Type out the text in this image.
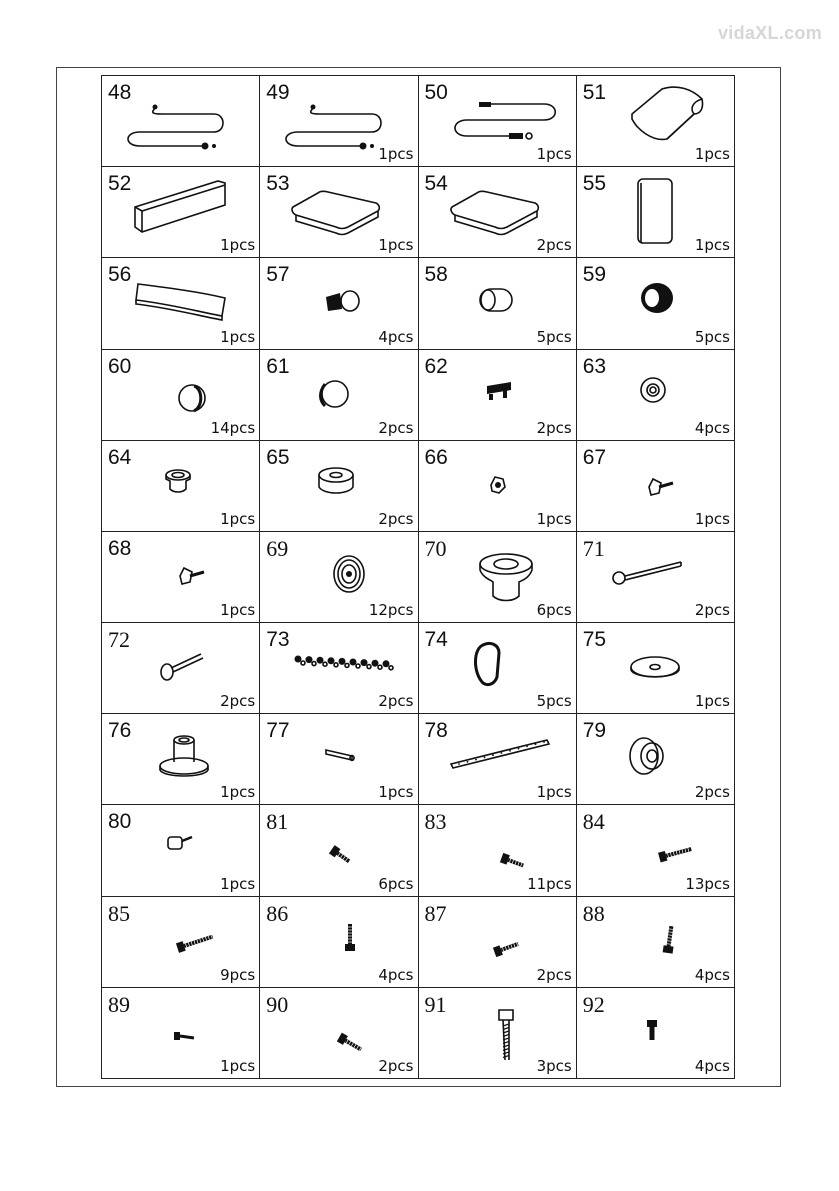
vidaXL.com
48	49
1pcs
50
1pcs
51
1pcs
52
1pcs
53
1pcs
54
2pcs
55
1pcs
56
1pcs
57
4pcs
58
5pcs
59
5pcs
60
14pcs
61
2pcs
62
2pcs
63
4pcs
64
1pcs
65
2pcs
66
1pcs
67
1pcs
68
1pcs
69
12pcs
70
6pcs
71
2pcs
72
2pcs
73
2pcs
74
5pcs
75
1pcs
76
1pcs
77
1pcs
78
1pcs
79
2pcs
80
1pcs
81
6pcs
83
11pcs
84
13pcs
85
9pcs
86
4pcs
87
2pcs
88
4pcs
89
1pcs
90
2pcs
91
3pcs
92
4pcs
